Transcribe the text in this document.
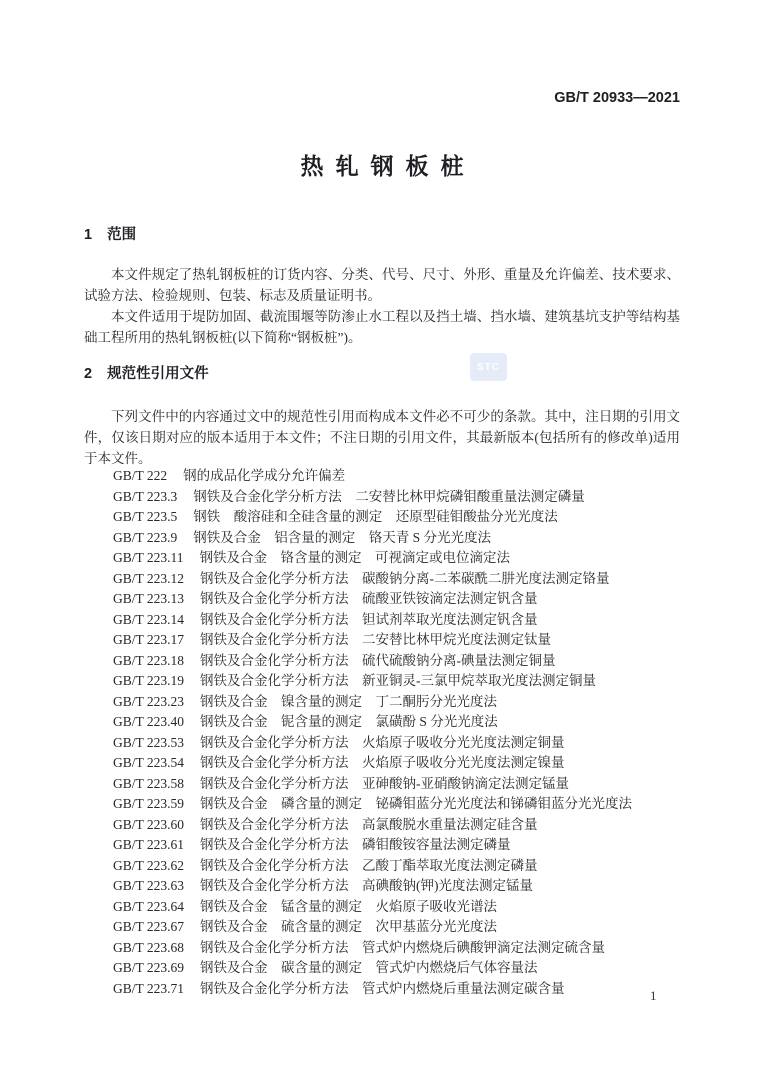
STC
GB/T 20933—2021
热轧钢板桩
1 范围

本文件规定了热轧钢板桩的订货内容、分类、代号、尺寸、外形、重量及允许偏差、技术要求、试验方法、检验规则、包装、标志及质量证明书。

本文件适用于堤防加固、截流围堰等防渗止水工程以及挡土墙、挡水墙、建筑基坑支护等结构基础工程所用的热轧钢板桩(以下简称“钢板桩”)。

2 规范性引用文件

下列文件中的内容通过文中的规范性引用而构成本文件必不可少的条款。其中，注日期的引用文件，仅该日期对应的版本适用于本文件；不注日期的引用文件，其最新版本(包括所有的修改单)适用于本文件。

GB/T 222 钢的成品化学成分允许偏差
GB/T 223.3 钢铁及合金化学分析方法　二安替比林甲烷磷钼酸重量法测定磷量
GB/T 223.5 钢铁　酸溶硅和全硅含量的测定　还原型硅钼酸盐分光光度法
GB/T 223.9 钢铁及合金　铝含量的测定　铬天青 S 分光光度法
GB/T 223.11 钢铁及合金　铬含量的测定　可视滴定或电位滴定法
GB/T 223.12 钢铁及合金化学分析方法　碳酸钠分离-二苯碳酰二肼光度法测定铬量
GB/T 223.13 钢铁及合金化学分析方法　硫酸亚铁铵滴定法测定钒含量
GB/T 223.14 钢铁及合金化学分析方法　钽试剂萃取光度法测定钒含量
GB/T 223.17 钢铁及合金化学分析方法　二安替比林甲烷光度法测定钛量
GB/T 223.18 钢铁及合金化学分析方法　硫代硫酸钠分离-碘量法测定铜量
GB/T 223.19 钢铁及合金化学分析方法　新亚铜灵-三氯甲烷萃取光度法测定铜量
GB/T 223.23 钢铁及合金　镍含量的测定　丁二酮肟分光光度法
GB/T 223.40 钢铁及合金　铌含量的测定　氯磺酚 S 分光光度法
GB/T 223.53 钢铁及合金化学分析方法　火焰原子吸收分光光度法测定铜量
GB/T 223.54 钢铁及合金化学分析方法　火焰原子吸收分光光度法测定镍量
GB/T 223.58 钢铁及合金化学分析方法　亚砷酸钠-亚硝酸钠滴定法测定锰量
GB/T 223.59 钢铁及合金　磷含量的测定　铋磷钼蓝分光光度法和锑磷钼蓝分光光度法
GB/T 223.60 钢铁及合金化学分析方法　高氯酸脱水重量法测定硅含量
GB/T 223.61 钢铁及合金化学分析方法　磷钼酸铵容量法测定磷量
GB/T 223.62 钢铁及合金化学分析方法　乙酸丁酯萃取光度法测定磷量
GB/T 223.63 钢铁及合金化学分析方法　高碘酸钠(钾)光度法测定锰量
GB/T 223.64 钢铁及合金　锰含量的测定　火焰原子吸收光谱法
GB/T 223.67 钢铁及合金　硫含量的测定　次甲基蓝分光光度法
GB/T 223.68 钢铁及合金化学分析方法　管式炉内燃烧后碘酸钾滴定法测定硫含量
GB/T 223.69 钢铁及合金　碳含量的测定　管式炉内燃烧后气体容量法
GB/T 223.71 钢铁及合金化学分析方法　管式炉内燃烧后重量法测定碳含量	1
